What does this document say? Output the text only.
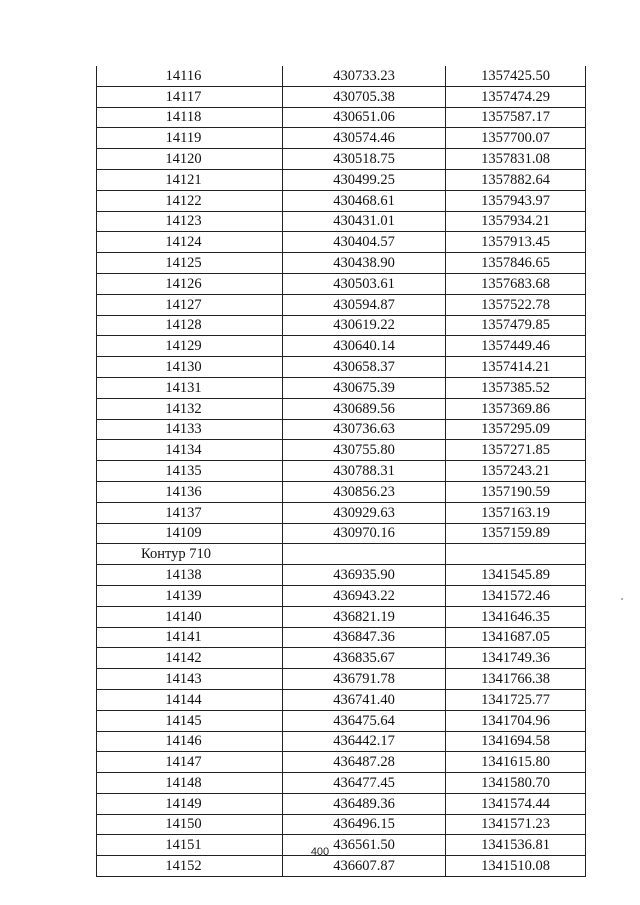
14116	430733.23	1357425.50
14117	430705.38	1357474.29
14118	430651.06	1357587.17
14119	430574.46	1357700.07
14120	430518.75	1357831.08
14121	430499.25	1357882.64
14122	430468.61	1357943.97
14123	430431.01	1357934.21
14124	430404.57	1357913.45
14125	430438.90	1357846.65
14126	430503.61	1357683.68
14127	430594.87	1357522.78
14128	430619.22	1357479.85
14129	430640.14	1357449.46
14130	430658.37	1357414.21
14131	430675.39	1357385.52
14132	430689.56	1357369.86
14133	430736.63	1357295.09
14134	430755.80	1357271.85
14135	430788.31	1357243.21
14136	430856.23	1357190.59
14137	430929.63	1357163.19
14109	430970.16	1357159.89
Контур 710		
14138	436935.90	1341545.89
14139	436943.22	1341572.46
14140	436821.19	1341646.35
14141	436847.36	1341687.05
14142	436835.67	1341749.36
14143	436791.78	1341766.38
14144	436741.40	1341725.77
14145	436475.64	1341704.96
14146	436442.17	1341694.58
14147	436487.28	1341615.80
14148	436477.45	1341580.70
14149	436489.36	1341574.44
14150	436496.15	1341571.23
14151	436561.50	1341536.81
14152	436607.87	1341510.08
400
